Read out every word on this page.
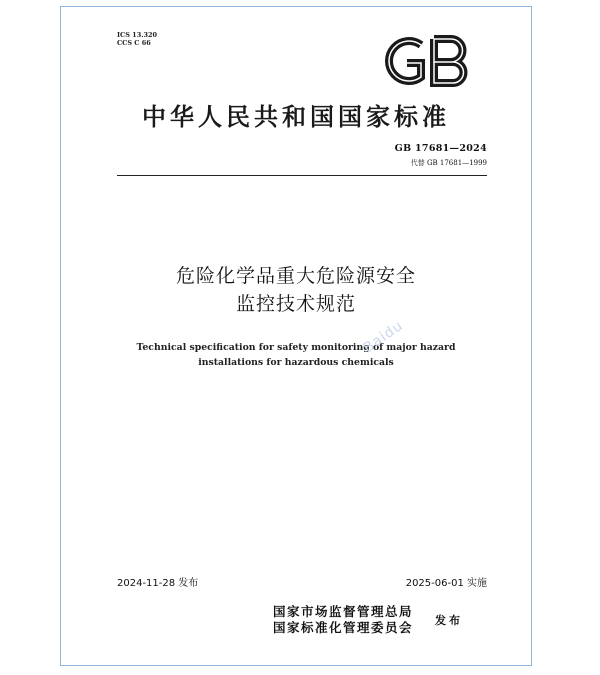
ICS 13.320
CCS C 66
中华人民共和国国家标准
GB 17681—2024
代替 GB 17681—1999
危险化学品重大危险源安全
监控技术规范
Technical specification for safety monitoring of major hazard
installations for hazardous chemicals
Baidu
2024-11-28 发布	2025-06-01 实施
国家市场监督管理总局
国家标准化管理委员会 发布
